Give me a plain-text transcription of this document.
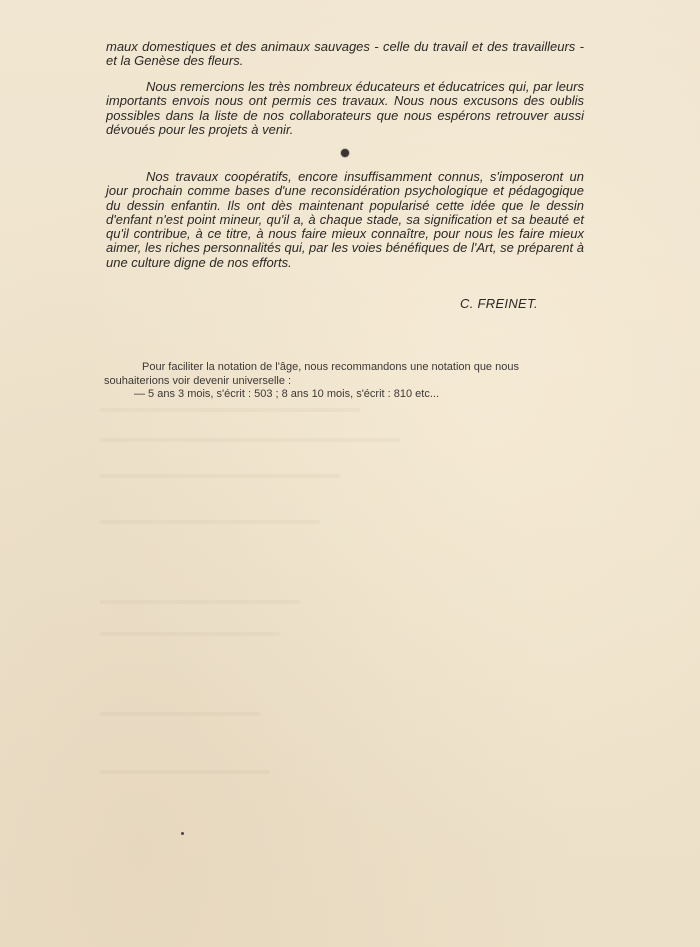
maux domestiques et des animaux sauvages - celle du travail et des travailleurs - et la Genèse des fleurs.

Nous remercions les très nombreux éducateurs et éducatrices qui, par leurs importants envois nous ont permis ces travaux. Nous nous excusons des oublis possibles dans la liste de nos collaborateurs que nous espérons retrouver aussi dévoués pour les projets à venir.

Nos travaux coopératifs, encore insuffisamment connus, s'imposeront un jour prochain comme bases d'une reconsidération psychologique et pédagogique du dessin enfantin. Ils ont dès maintenant popularisé cette idée que le dessin d'enfant n'est point mineur, qu'il a, à chaque stade, sa signification et sa beauté et qu'il contribue, à ce titre, à nous faire mieux connaître, pour nous les faire mieux aimer, les riches personnalités qui, par les voies bénéfiques de l'Art, se préparent à une culture digne de nos efforts.

C. FREINET.
Pour faciliter la notation de l'âge, nous recommandons une notation que nous
souhaiterions voir devenir universelle :
— 5 ans 3 mois, s'écrit : 503 ; 8 ans 10 mois, s'écrit : 810 etc...
